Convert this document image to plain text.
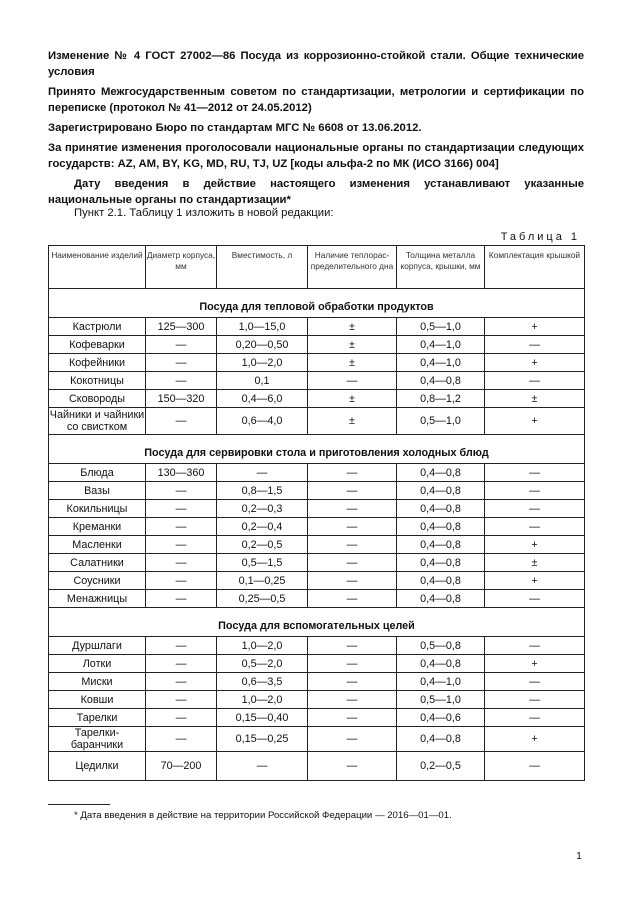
Изменение № 4 ГОСТ 27002—86 Посуда из коррозионно-стойкой стали. Общие технические условия

Принято Межгосударственным советом по стандартизации, метрологии и сертификации по переписке (протокол № 41—2012 от 24.05.2012)

Зарегистрировано Бюро по стандартам МГС № 6608 от 13.06.2012.

За принятие изменения проголосовали национальные органы по стандартизации следующих государств: AZ, AM, BY, KG, MD, RU, TJ, UZ [коды альфа-2 по МК (ИСО 3166) 004]

Дату введения в действие настоящего изменения устанавливают указанные национальные органы по стандартизации*

Пункт 2.1. Таблицу 1 изложить в новой редакции:
Таблица 1
Наименование изделий	Диаметр корпуса, мм	Вместимость, л	Наличие теплорас-пределительного дна	Толщина металла корпуса, крышки, мм	Комплектация крышкой

Посуда для тепловой обработки продуктов					
Кастрюли	125—300	1,0—15,0	±	0,5—1,0	+
Кофеварки	—	0,20—0,50	±	0,4—1,0	—
Кофейники	—	1,0—2,0	±	0,4—1,0	+
Кокотницы	—	0,1	—	0,4—0,8	—
Сковороды	150—320	0,4—6,0	±	0,8—1,2	±
Чайники и чайники со свистком	—	0,6—4,0	±	0,5—1,0	+

Посуда для сервировки стола и приготовления холодных блюд					
Блюда	130—360	—	—	0,4—0,8	—
Вазы	—	0,8—1,5	—	0,4—0,8	—
Кокильницы	—	0,2—0,3	—	0,4—0,8	—
Креманки	—	0,2—0,4	—	0,4—0,8	—
Масленки	—	0,2—0,5	—	0,4—0,8	+
Салатники	—	0,5—1,5	—	0,4—0,8	±
Соусники	—	0,1—0,25	—	0,4—0,8	+
Менажницы	—	0,25—0,5	—	0,4—0,8	—

Посуда для вспомогательных целей					
Дуршлаги	—	1,0—2,0	—	0,5—0,8	—
Лотки	—	0,5—2,0	—	0,4—0,8	+
Миски	—	0,6—3,5	—	0,4—1,0	—
Ковши	—	1,0—2,0	—	0,5—1,0	—
Тарелки	—	0,15—0,40	—	0,4—0,6	—
Тарелки-баранчики	—	0,15—0,25	—	0,4—0,8	+
Цедилки	70—200	—	—	0,2—0,5	—
* Дата введения в действие на территории Российской Федерации — 2016—01—01.
1
